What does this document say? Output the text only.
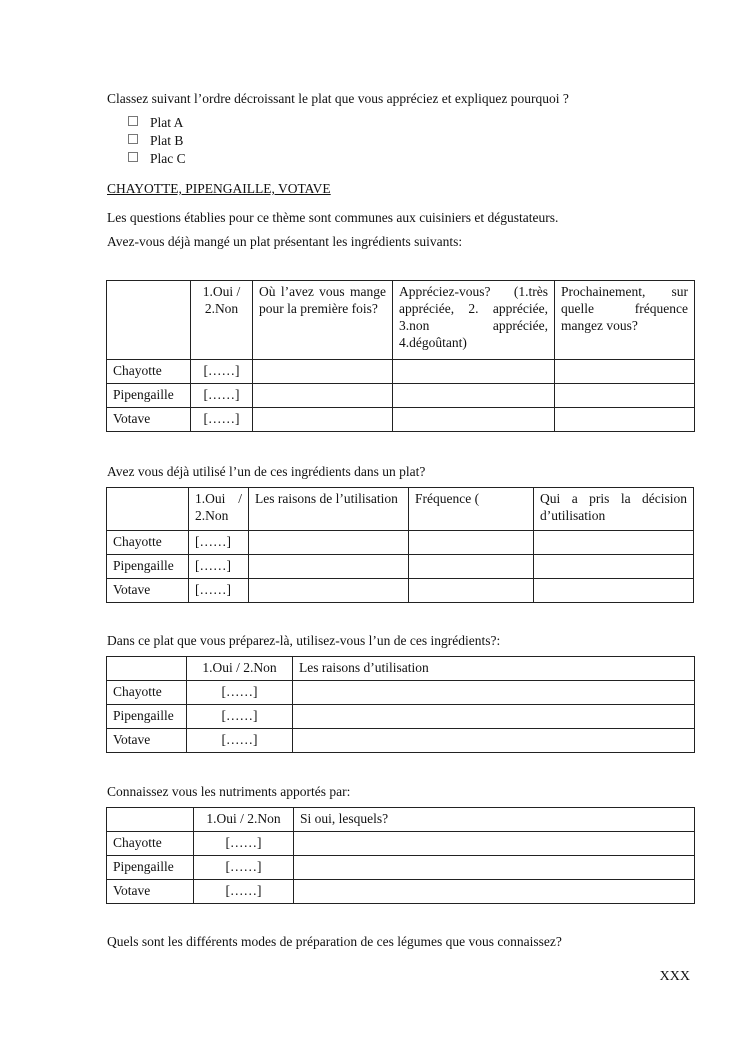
Classez suivant l’ordre décroissant le plat que vous appréciez et expliquez pourquoi ?
Plat A
Plat B
Plac C
CHAYOTTE, PIPENGAILLE, VOTAVE
Les questions établies pour ce thème sont communes aux cuisiniers et dégustateurs.
Avez-vous déjà mangé un plat présentant les ingrédients suivants:
	1.Oui / 2.Non	Où l’avez vous mange pour la première fois?	Appréciez-vous? (1.très appréciée, 2. appréciée, 3.non appréciée, 4.dégoûtant)	Prochainement, sur quelle fréquence mangez vous?
Chayotte	[……]			
Pipengaille	[……]			
Votave	[……]			
Avez vous déjà utilisé l’un de ces ingrédients dans un plat?
	1.Oui / 2.Non	Les raisons de l’utilisation	Fréquence (	Qui a pris la décision d’utilisation
Chayotte	[……]			
Pipengaille	[……]			
Votave	[……]			
Dans ce plat que vous préparez-là, utilisez-vous l’un de ces ingrédients?:
	1.Oui / 2.Non	Les raisons d’utilisation
Chayotte	[……]	
Pipengaille	[……]	
Votave	[……]	
Connaissez vous les nutriments apportés par:
	1.Oui / 2.Non	Si oui, lesquels?
Chayotte	[……]	
Pipengaille	[……]	
Votave	[……]	
Quels sont les différents modes de préparation de ces légumes que vous connaissez?
XXX
